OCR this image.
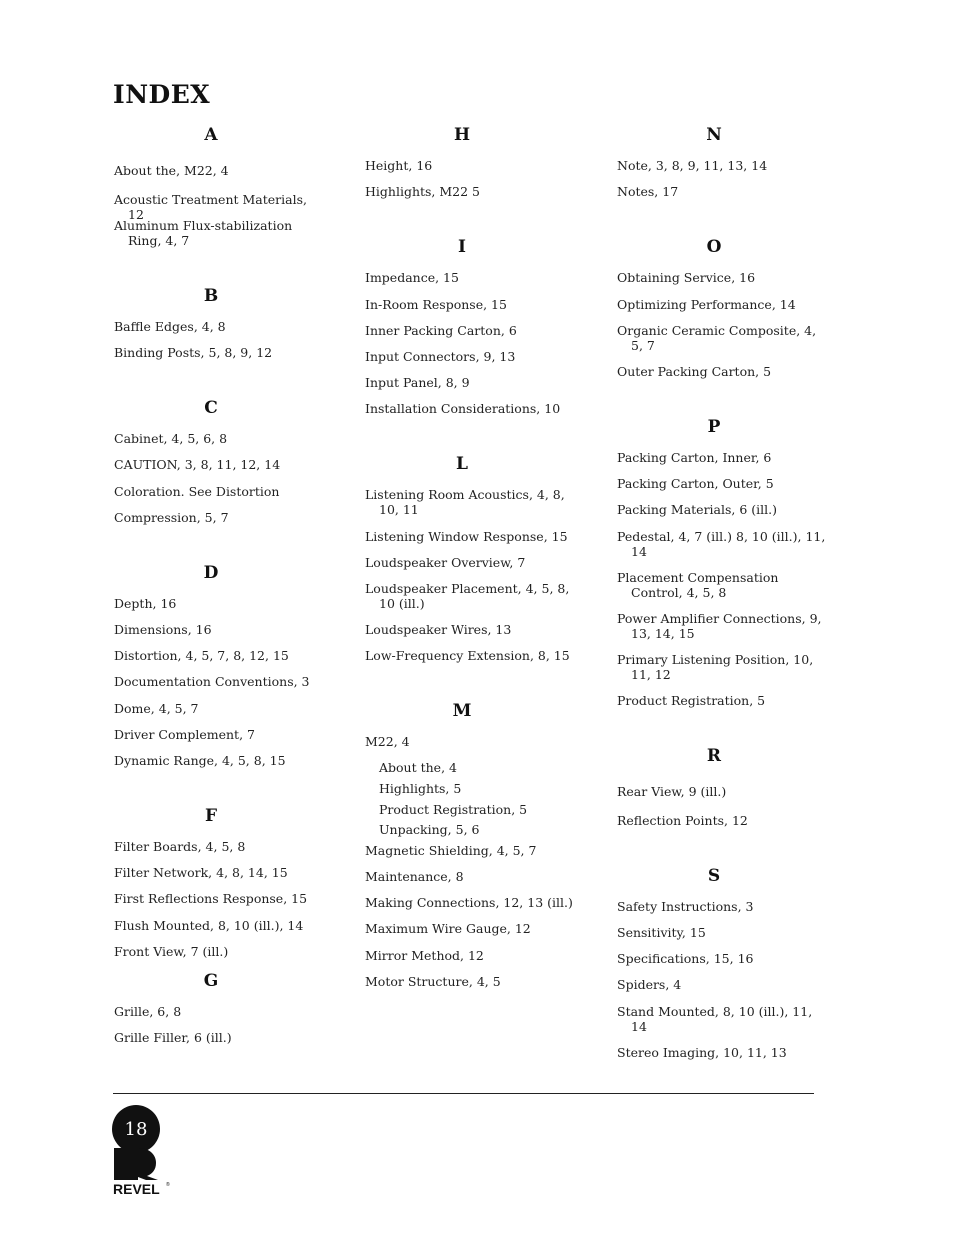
INDEX
A
About the, M22, 4
Acoustic Treatment Materials, 12
Aluminum Flux-stabilization Ring, 4, 7
B
Baffle Edges, 4, 8
Binding Posts, 5, 8, 9, 12
C
Cabinet, 4, 5, 6, 8
CAUTION, 3, 8, 11, 12, 14
Coloration. See Distortion
Compression, 5, 7
D
Depth, 16
Dimensions, 16
Distortion, 4, 5, 7, 8, 12, 15
Documentation Conventions, 3
Dome, 4, 5, 7
Driver Complement, 7
Dynamic Range, 4, 5, 8, 15
F
Filter Boards, 4, 5, 8
Filter Network, 4, 8, 14, 15
First Reflections Response, 15
Flush Mounted, 8, 10 (ill.), 14
Front View, 7 (ill.)
G
Grille, 6, 8
Grille Filler, 6 (ill.)
H
Height, 16
Highlights, M22 5
I
Impedance, 15
In-Room Response, 15
Inner Packing Carton, 6
Input Connectors, 9, 13
Input Panel, 8, 9
Installation Considerations, 10
L
Listening Room Acoustics, 4, 8, 10, 11
Listening Window Response, 15
Loudspeaker Overview, 7
Loudspeaker Placement, 4, 5, 8, 10 (ill.)
Loudspeaker Wires, 13
Low-Frequency Extension, 8, 15
M
M22, 4
About the, 4
Highlights, 5
Product Registration, 5
Unpacking, 5, 6
Magnetic Shielding, 4, 5, 7
Maintenance, 8
Making Connections, 12, 13 (ill.)
Maximum Wire Gauge, 12
Mirror Method, 12
Motor Structure, 4, 5
N
Note, 3, 8, 9, 11, 13, 14
Notes, 17
O
Obtaining Service, 16
Optimizing Performance, 14
Organic Ceramic Composite, 4, 5, 7
Outer Packing Carton, 5
P
Packing Carton, Inner, 6
Packing Carton, Outer, 5
Packing Materials, 6 (ill.)
Pedestal, 4, 7 (ill.) 8, 10 (ill.), 11, 14
Placement Compensation Control, 4, 5, 8
Power Amplifier Connections, 9, 13, 14, 15
Primary Listening Position, 10, 11, 12
Product Registration, 5
R
Rear View, 9 (ill.)
Reflection Points, 12
S
Safety Instructions, 3
Sensitivity, 15
Specifications, 15, 16
Spiders, 4
Stand Mounted, 8, 10 (ill.), 11, 14
Stereo Imaging, 10, 11, 13
18
REVEL ®
